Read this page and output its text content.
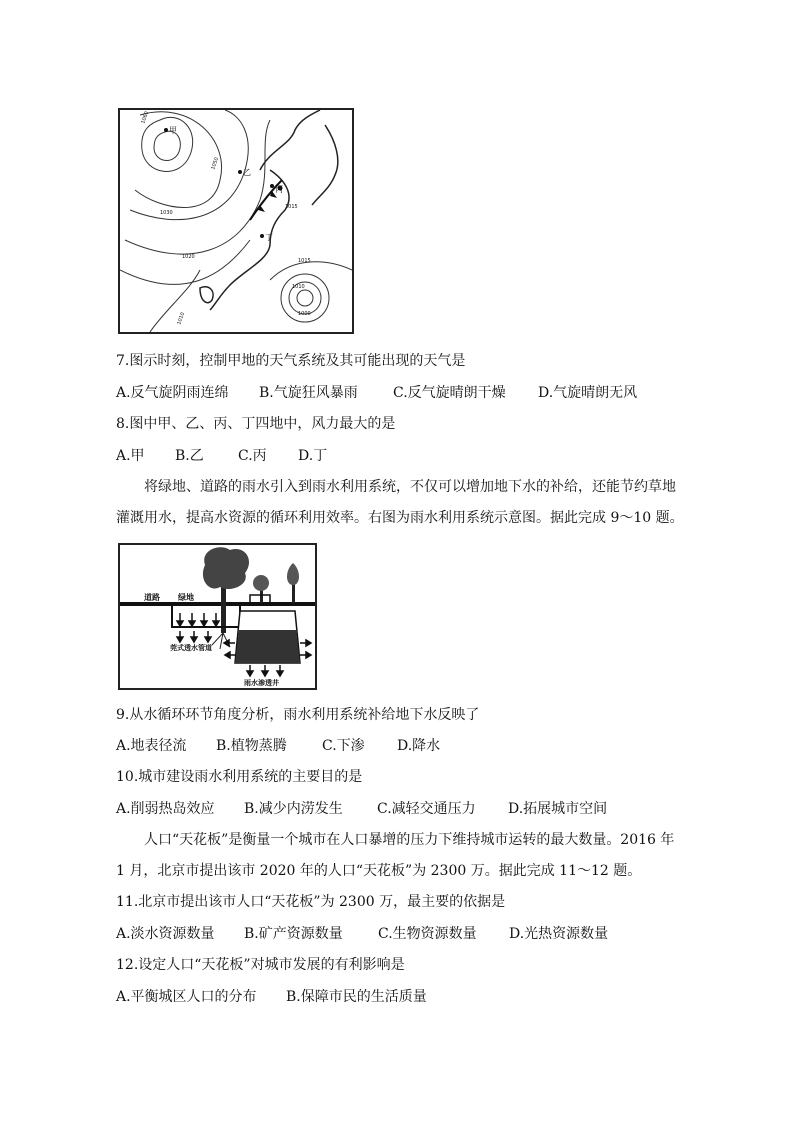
甲
乙
丙
丁
1060
1050
1030
1020
1015
1015
1010
1010	1000
7.图示时刻，控制甲地的天气系统及其可能出现的天气是
A.反气旋阴雨连绵 B.气旋狂风暴雨	C.反气旋晴朗干燥 D.气旋晴朗无风
8.图中甲、乙、丙、丁四地中，风力最大的是
A.甲 B.乙 C.丙 D.丁
将绿地、道路的雨水引入到雨水利用系统，不仅可以增加地下水的补给，还能节约草地
灌溉用水，提高水资源的循环利用效率。右图为雨水利用系统示意图。据此完成 9～10 题。
道路 绿地
莞式透水管道
雨水渗透井
9.从水循环环节角度分析，雨水利用系统补给地下水反映了
A.地表径流 B.植物蒸腾	C.下渗 D.降水
10.城市建设雨水利用系统的主要目的是
A.削弱热岛效应 B.减少内涝发生 C.减轻交通压力 D.拓展城市空间
人口“天花板”是衡量一个城市在人口暴增的压力下维持城市运转的最大数量。2016 年
1 月，北京市提出该市 2020 年的人口“天花板”为 2300 万。据此完成 11～12 题。
11.北京市提出该市人口“天花板”为 2300 万，最主要的依据是
A.淡水资源数量 B.矿产资源数量	C.生物资源数量 D.光热资源数量
12.设定人口“天花板”对城市发展的有利影响是
A.平衡城区人口的分布 B.保障市民的生活质量
